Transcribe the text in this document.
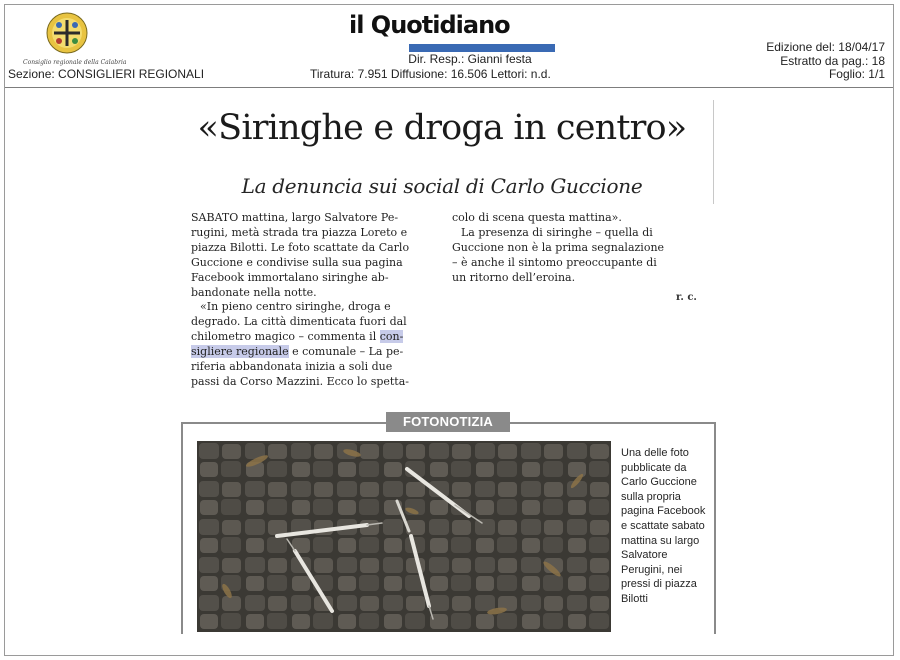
Consiglio regionale della Calabria
Sezione: CONSIGLIERI REGIONALI
il Quotidiano
Dir. Resp.: Gianni festa
Tiratura: 7.951 Diffusione: 16.506 Lettori: n.d.
Edizione del: 18/04/17
Estratto da pag.: 18
Foglio: 1/1
«Siringhe e droga in centro»
La denuncia sui social di Carlo Guccione
SABATO mattina, largo Salvatore Pe-
rugini, metà strada tra piazza Loreto e
piazza Bilotti. Le foto scattate da Carlo
Guccione e condivise sulla sua pagina
Facebook immortalano siringhe ab-
bandonate nella notte.
«In pieno centro siringhe, droga e
degrado. La città dimenticata fuori dal
chilometro magico – commenta il con-
sigliere regionale e comunale – La pe-
riferia abbandonata inizia a soli due
passi da Corso Mazzini. Ecco lo spetta-
colo di scena questa mattina».
La presenza di siringhe – quella di
Guccione non è la prima segnalazione
– è anche il sintomo preoccupante di
un ritorno dell’eroina.
r. c.
FOTONOTIZIA
Una delle foto pubblicate da Carlo Guccione sulla propria pagina Facebook e scattate sabato mattina su largo Salvatore Perugini, nei pressi di piazza Bilotti
